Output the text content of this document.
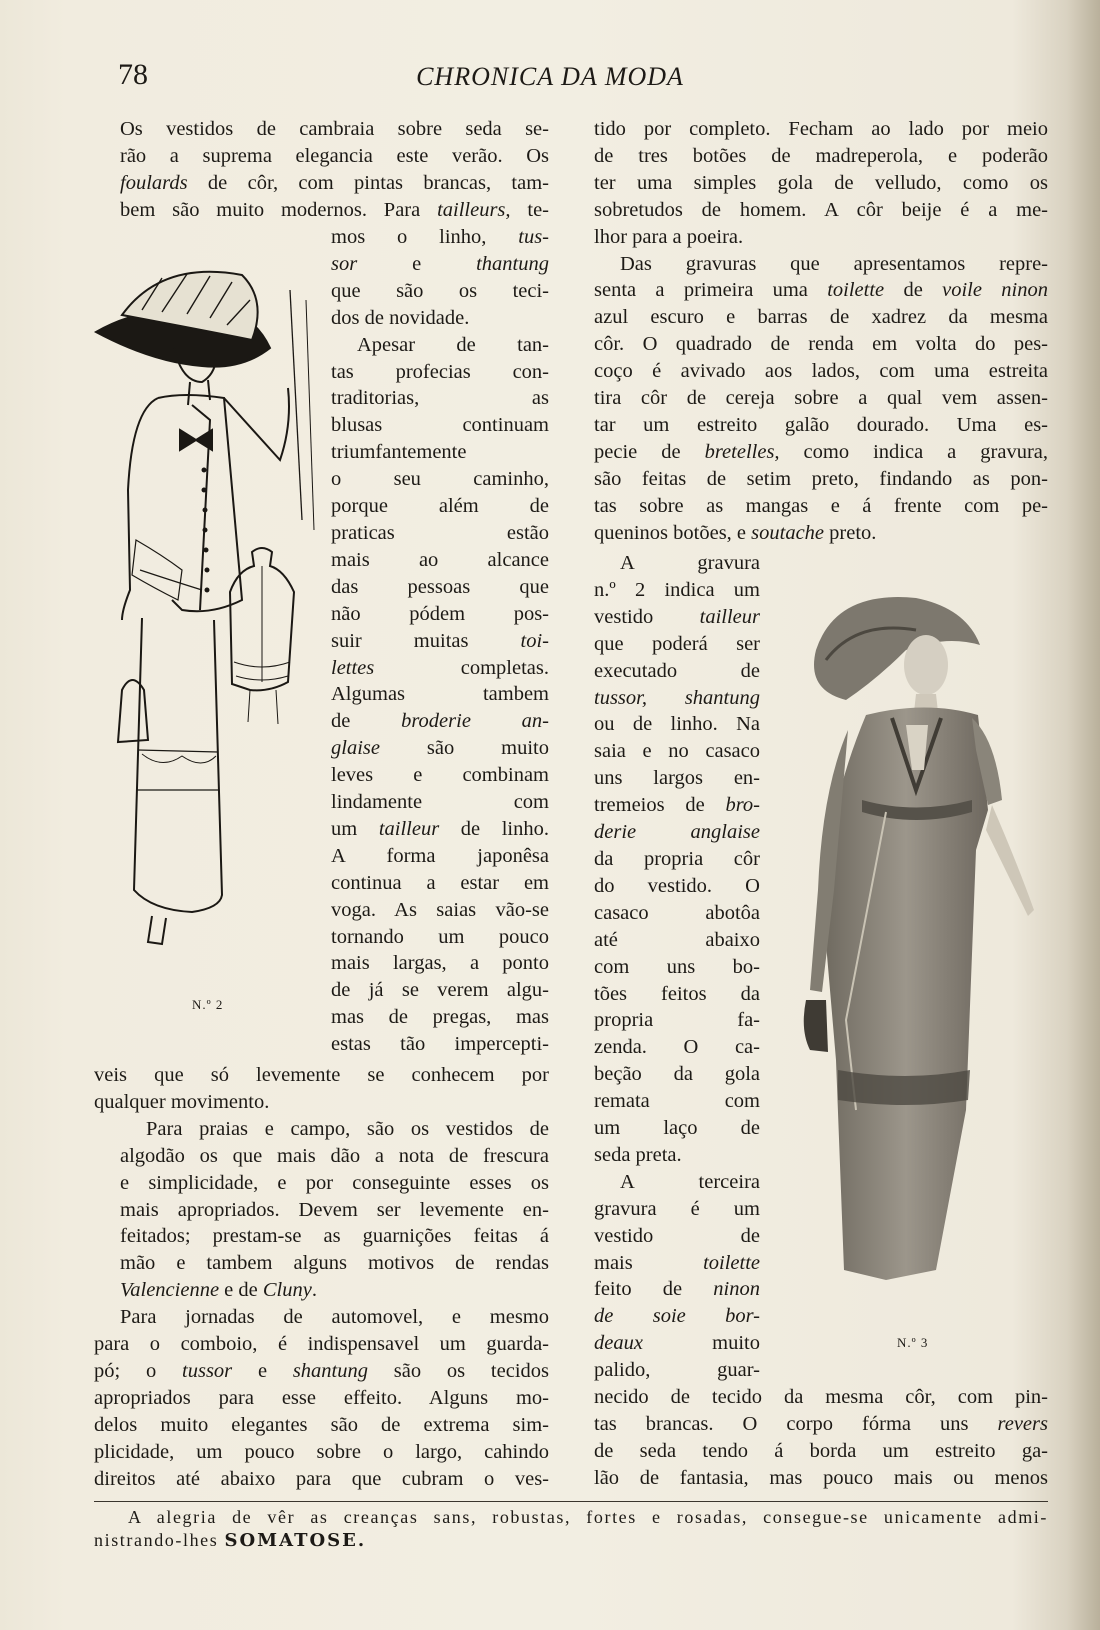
78	CHRONICA DA MODA

Os vestidos de cambraia sobre seda se-
rão a suprema elegancia este verão. Os
foulards de côr, com pintas brancas, tam-
bem são muito modernos. Para tailleurs, te-

mos o linho, tus-
sor e thantung
que são os teci-
dos de novidade.
Apesar de tan-
tas profecias con-
traditorias, as
blusas continuam
triumfantemente
o seu caminho,
porque além de
praticas estão
mais ao alcance
das pessoas que
não pódem pos-
suir muitas toi-
lettes completas.
Algumas tambem
de broderie an-
glaise são muito
leves e combinam
lindamente com
um tailleur de linho.
A forma japonêsa
continua a estar em
voga. As saias vão-se
tornando um pouco
mais largas, a ponto
de já se verem algu-
mas de pregas, mas
estas tão impercepti-
veis que só levemente se conhecem por
qualquer movimento.

Para praias e campo, são os vestidos de
algodão os que mais dão a nota de frescura
e simplicidade, e por conseguinte esses os
mais apropriados. Devem ser levemente en-
feitados; prestam-se as guarnições feitas á
mão e tambem alguns motivos de rendas
Valencienne e de Cluny.

Para jornadas de automovel, e mesmo
para o comboio, é indispensavel um guarda-
pó; o tussor e shantung são os tecidos
apropriados para esse effeito. Alguns mo-
delos muito elegantes são de extrema sim-
plicidade, um pouco sobre o largo, cahindo
direitos até abaixo para que cubram o ves-

tido por completo. Fecham ao lado por meio
de tres botões de madreperola, e poderão
ter uma simples gola de velludo, como os
sobretudos de homem. A côr beije é a me-
lhor para a poeira.
Das gravuras que apresentamos repre-
senta a primeira uma toilette de voile ninon
azul escuro e barras de xadrez da mesma
côr. O quadrado de renda em volta do pes-
coço é avivado aos lados, com uma estreita
tira côr de cereja sobre a qual vem assen-
tar um estreito galão dourado. Uma es-
pecie de bretelles, como indica a gravura,
são feitas de setim preto, findando as pon-
tas sobre as mangas e á frente com pe-
queninos botões, e soutache preto.
A gravura
n.º 2 indica um
vestido tailleur
que poderá ser
executado de
tussor, shantung
ou de linho. Na
saia e no casaco
uns largos en-
tremeios de bro-
derie anglaise
da propria côr
do vestido. O
casaco abotôa
até abaixo
com uns bo-
tões feitos da
propria fa-
zenda. O ca-
beção da gola
remata com
um laço de
seda preta.
A terceira
gravura é um
vestido de
mais toilette
feito de ninon
de soie bor-
deaux muito
palido, guar-
necido de tecido da mesma côr, com pin-
tas brancas. O corpo fórma uns revers
de seda tendo á borda um estreito ga-
lão de fantasia, mas pouco mais ou menos
N.º 2
N.º 3
A alegria de vêr as creanças sans, robustas, fortes e rosadas, consegue-se unicamente admi-
nistrando-lhes SOMATOSE.
